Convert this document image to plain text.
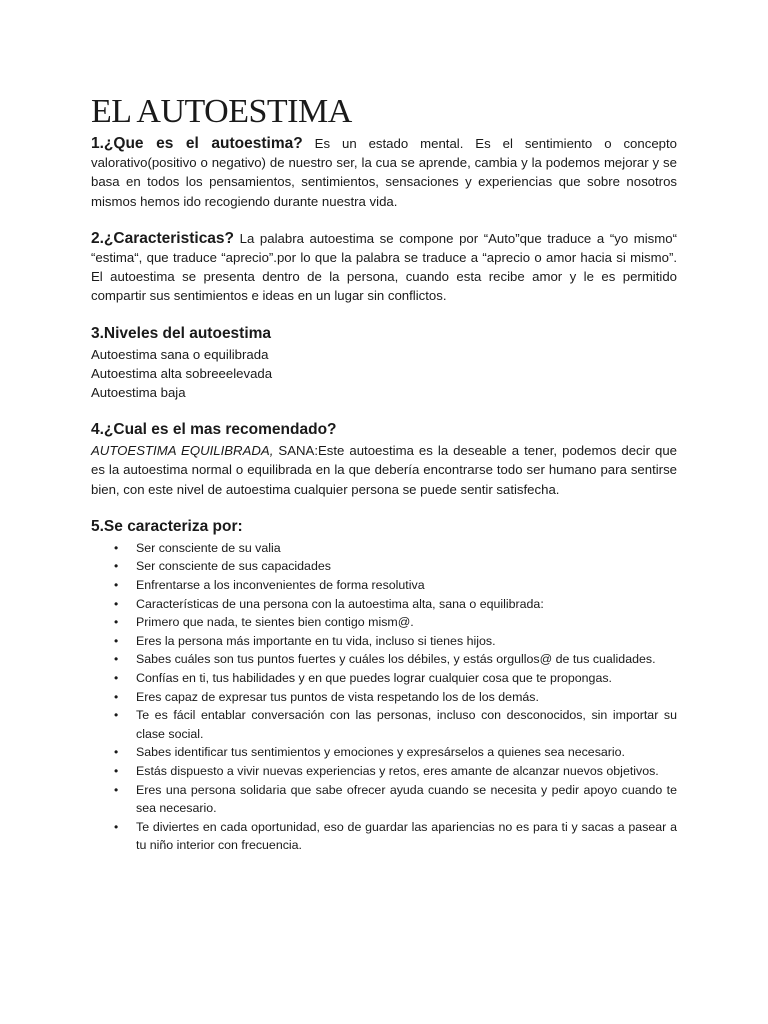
EL AUTOESTIMA

1.¿Que es el autoestima? Es un estado mental. Es el sentimiento o concepto valorativo(positivo o negativo) de nuestro ser, la cua se aprende, cambia y la podemos mejorar y se basa en todos los pensamientos, sentimientos, sensaciones y experiencias que sobre nosotros mismos hemos ido recogiendo durante nuestra vida.

2.¿Caracteristicas? La palabra autoestima se compone por “Auto”que traduce a “yo mismo“ “estima“, que traduce “aprecio”.por lo que la palabra se traduce a “aprecio o amor hacia si mismo”. El autoestima se presenta dentro de la persona, cuando esta recibe amor y le es permitido compartir sus sentimientos e ideas en un lugar sin conflictos.

3.Niveles del autoestima
Autoestima sana o equilibrada
Autoestima alta sobreeelevada
Autoestima baja
4.¿Cual es el mas recomendado?

AUTOESTIMA EQUILIBRADA, SANA:Este autoestima es la deseable a tener, podemos decir que es la autoestima normal o equilibrada en la que debería encontrarse todo ser humano para sentirse bien, con este nivel de autoestima cualquier persona se puede sentir satisfecha.

5.Se caracteriza por:
• Ser consciente de su valia
• Ser consciente de sus capacidades
• Enfrentarse a los inconvenientes de forma resolutiva
• Características de una persona con la autoestima alta, sana o equilibrada:
• Primero que nada, te sientes bien contigo mism@.
• Eres la persona más importante en tu vida, incluso si tienes hijos.
• Sabes cuáles son tus puntos fuertes y cuáles los débiles, y estás orgullos@ de tus cualidades.
• Confías en ti, tus habilidades y en que puedes lograr cualquier cosa que te propongas.
• Eres capaz de expresar tus puntos de vista respetando los de los demás.
• Te es fácil entablar conversación con las personas, incluso con desconocidos, sin importar su clase social.
• Sabes identificar tus sentimientos y emociones y expresárselos a quienes sea necesario.
• Estás dispuesto a vivir nuevas experiencias y retos, eres amante de alcanzar nuevos objetivos.
• Eres una persona solidaria que sabe ofrecer ayuda cuando se necesita y pedir apoyo cuando te sea necesario.
• Te diviertes en cada oportunidad, eso de guardar las apariencias no es para ti y sacas a pasear a tu niño interior con frecuencia.
